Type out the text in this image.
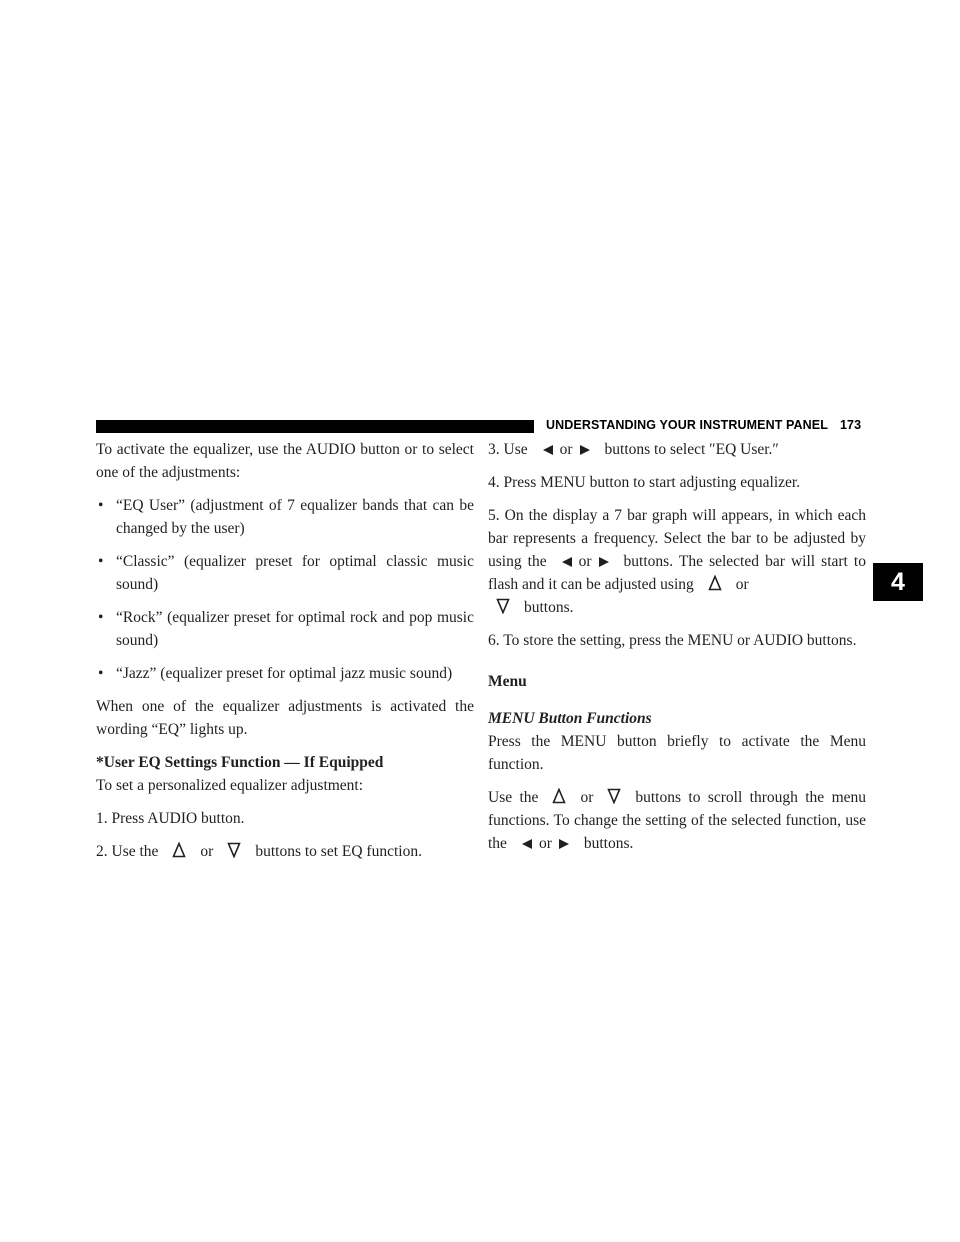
UNDERSTANDING YOUR INSTRUMENT PANEL 173
4

To activate the equalizer, use the AUDIO button or to select one of the adjustments:

• “EQ User” (adjustment of 7 equalizer bands that can be changed by the user)
• “Classic” (equalizer preset for optimal classic music sound)
• “Rock” (equalizer preset for optimal rock and pop music sound)
• “Jazz” (equalizer preset for optimal jazz music sound)

When one of the equalizer adjustments is activated the wording “EQ” lights up.

*User EQ Settings Function — If Equipped

To set a personalized equalizer adjustment:

1. Press AUDIO button.

2. Use the	or	buttons to set EQ function.

3. Use or buttons to select ″EQ User.″

4. Press MENU button to start adjusting equalizer.

5. On the display a 7 bar graph will appears, in which each bar represents a frequency. Select the bar to be adjusted by using the or buttons. The selected bar will start to flash and it can be adjusted using	or

buttons.

6. To store the setting, press the MENU or AUDIO buttons.

Menu

MENU Button Functions

Press the MENU button briefly to activate the Menu function.

Use the	or	buttons to scroll through the menu functions. To change the setting of the selected function, use the or buttons.
